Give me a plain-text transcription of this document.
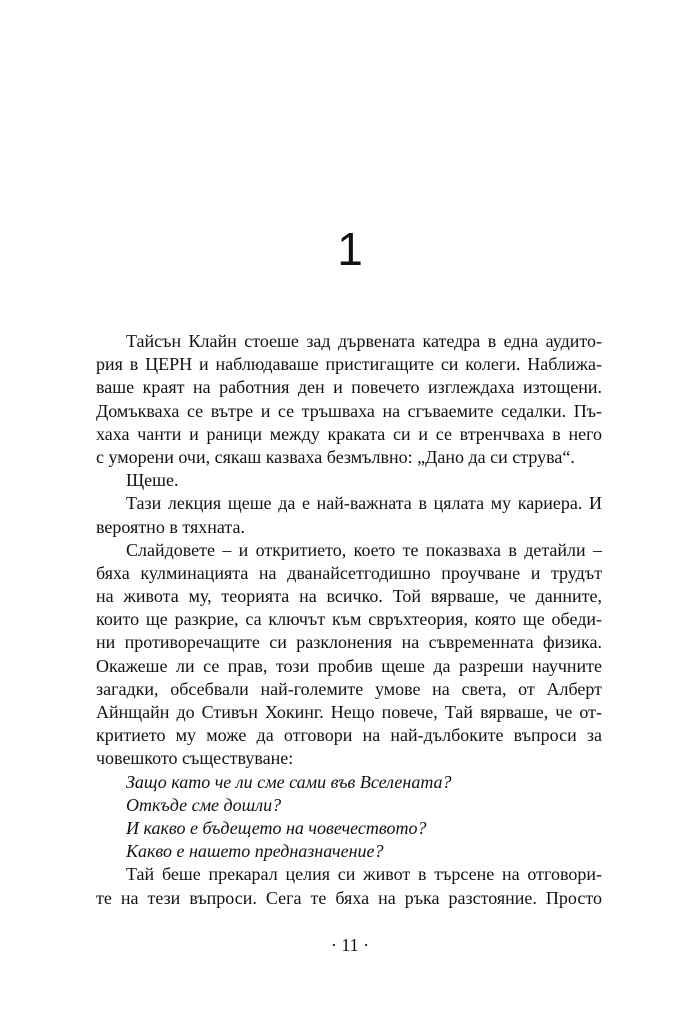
1
Тайсън Клайн стоеше зад дървената катедра в една аудито-
рия в ЦЕРН и наблюдаваше пристигащите си колеги. Наближа-
ваше краят на работния ден и повечето изглеждаха изтощени.
Домъкваха се вътре и се тръшваха на сгъваемите седалки. Пъ-
хаха чанти и раници между краката си и се втренчваха в него
с уморени очи, сякаш казваха безмълвно: „Дано да си струва“.
Щеше.
Тази лекция щеше да е най-важната в цялата му кариера. И
вероятно в тяхната.
Слайдовете – и откритието, което те показваха в детайли –
бяха кулминацията на дванайсетгодишно проучване и трудът
на живота му, теорията на всичко. Той вярваше, че данните,
които ще разкрие, са ключът към свръхтеория, която ще обеди-
ни противоречащите си разклонения на съвременната физика.
Окажеше ли се прав, този пробив щеше да разреши научните
загадки, обсебвали най-големите умове на света, от Алберт
Айнщайн до Стивън Хокинг. Нещо повече, Тай вярваше, че от-
критието му може да отговори на най-дълбоките въпроси за
човешкото съществуване:
Защо като че ли сме сами във Вселената?
Откъде сме дошли?
И какво е бъдещето на човечеството?
Какво е нашето предназначение?
Тай беше прекарал целия си живот в търсене на отговори-
те на тези въпроси. Сега те бяха на ръка разстояние. Просто
· 11 ·
